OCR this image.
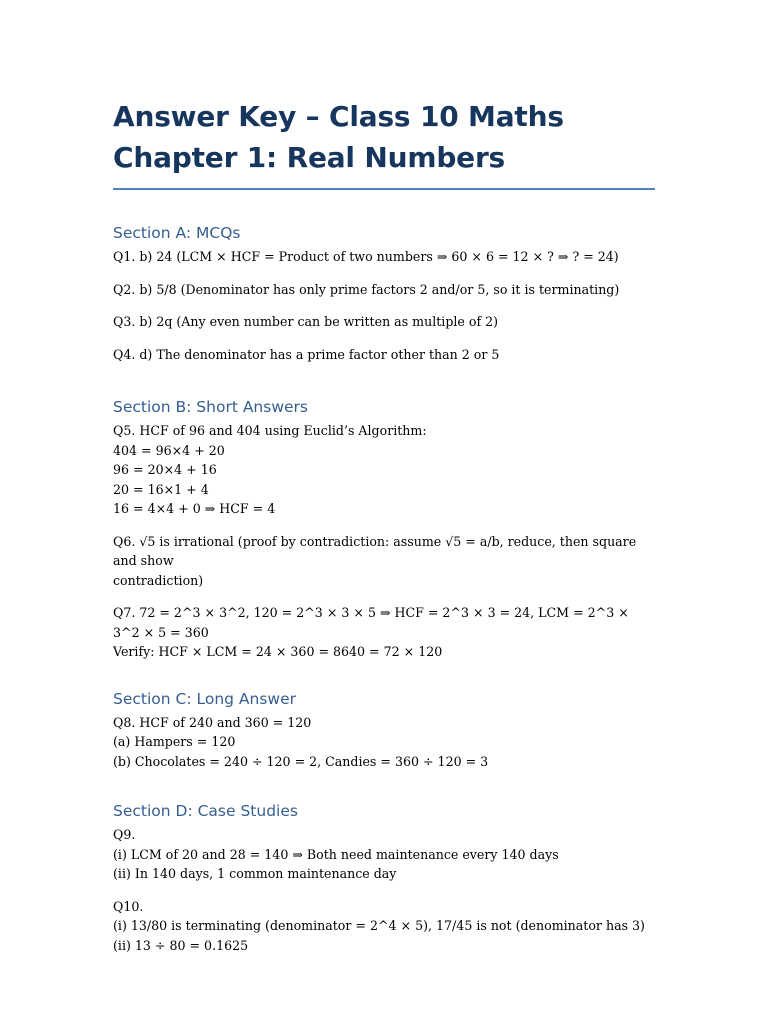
Answer Key – Class 10 Maths Chapter 1: Real Numbers
Section A: MCQs

Q1. b) 24 (LCM × HCF = Product of two numbers ⇒ 60 × 6 = 12 × ? ⇒ ? = 24)

Q2. b) 5/8 (Denominator has only prime factors 2 and/or 5, so it is terminating)

Q3. b) 2q (Any even number can be written as multiple of 2)

Q4. d) The denominator has a prime factor other than 2 or 5

Section B: Short Answers

Q5. HCF of 96 and 404 using Euclid’s Algorithm:
404 = 96×4 + 20
96 = 20×4 + 16
20 = 16×1 + 4
16 = 4×4 + 0 ⇒ HCF = 4

Q6. √5 is irrational (proof by contradiction: assume √5 = a/b, reduce, then square and show
contradiction)

Q7. 72 = 2^3 × 3^2, 120 = 2^3 × 3 × 5 ⇒ HCF = 2^3 × 3 = 24, LCM = 2^3 × 3^2 × 5 = 360
Verify: HCF × LCM = 24 × 360 = 8640 = 72 × 120

Section C: Long Answer

Q8. HCF of 240 and 360 = 120
(a) Hampers = 120
(b) Chocolates = 240 ÷ 120 = 2, Candies = 360 ÷ 120 = 3

Section D: Case Studies

Q9.
(i) LCM of 20 and 28 = 140 ⇒ Both need maintenance every 140 days
(ii) In 140 days, 1 common maintenance day

Q10.
(i) 13/80 is terminating (denominator = 2^4 × 5), 17/45 is not (denominator has 3)
(ii) 13 ÷ 80 = 0.1625
